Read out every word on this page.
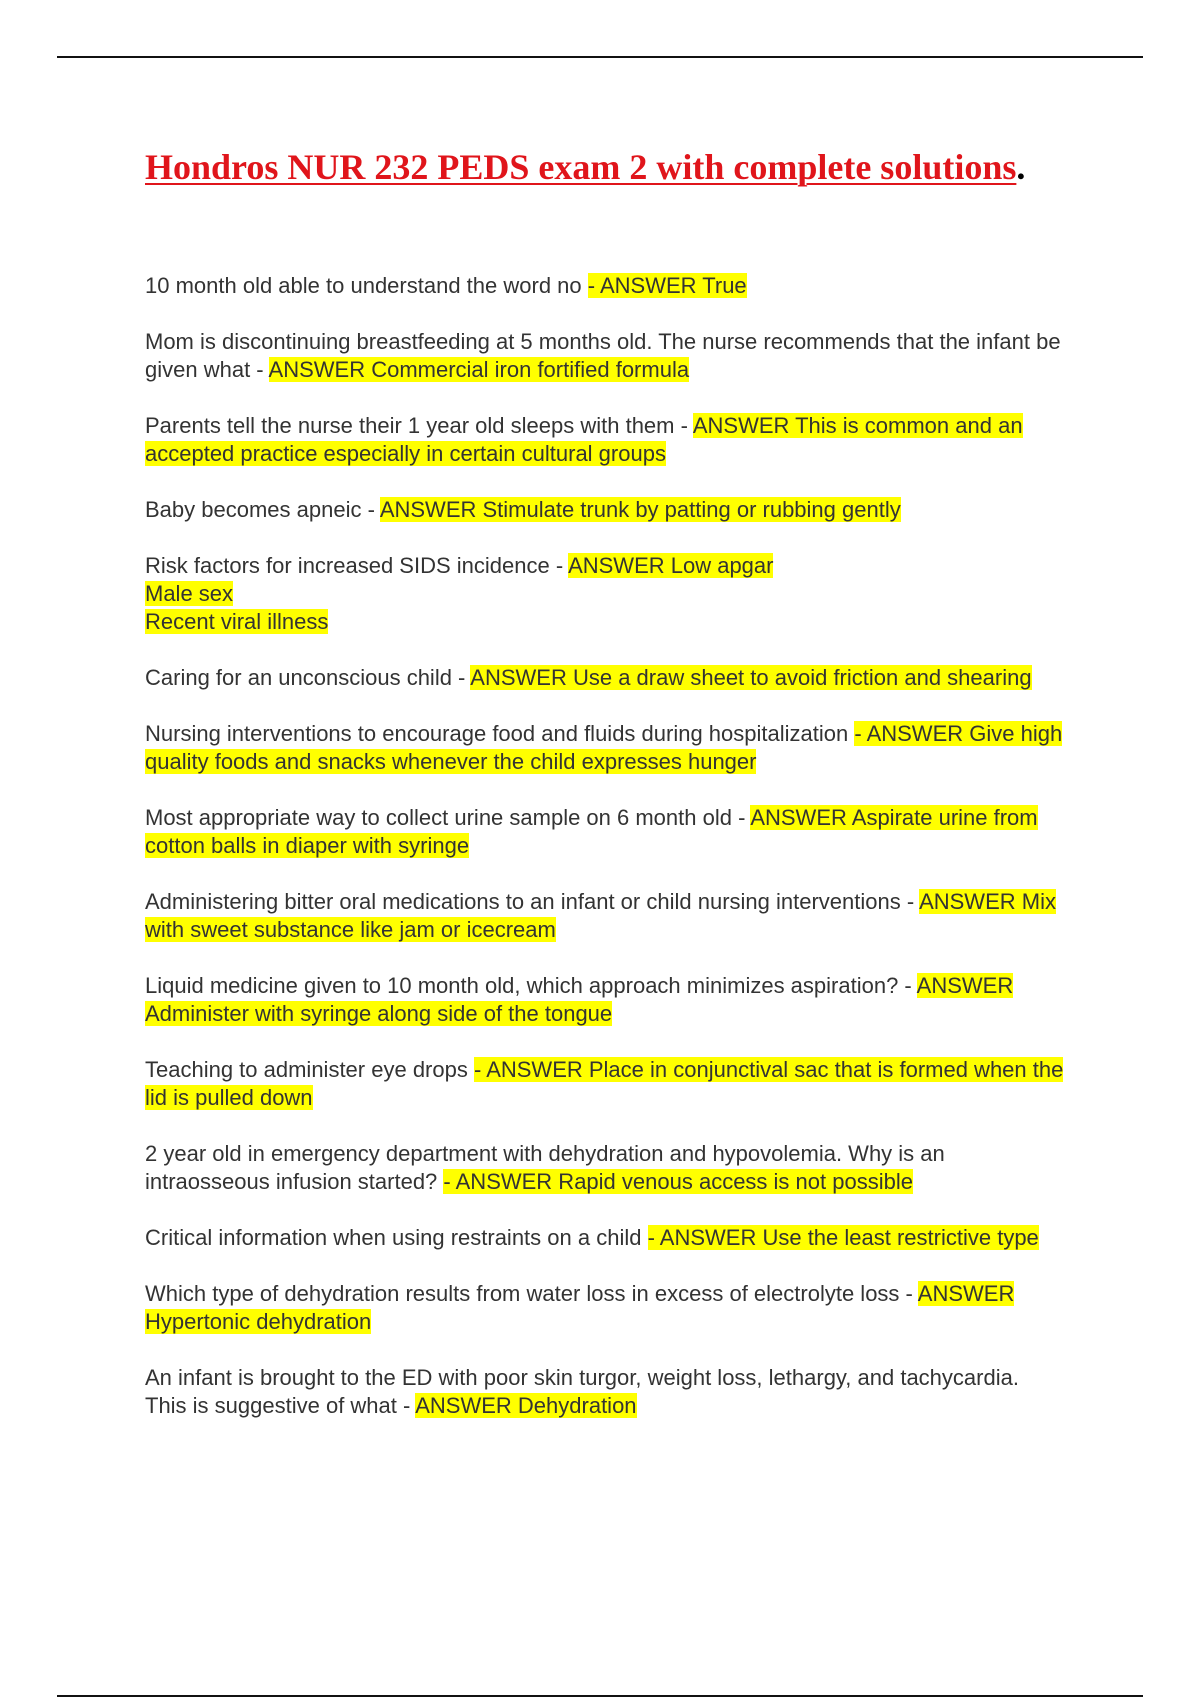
Hondros NUR 232 PEDS exam 2 with complete solutions.

10 month old able to understand the word no - ANSWER True

Mom is discontinuing breastfeeding at 5 months old. The nurse recommends that the infant be given what - ANSWER Commercial iron fortified formula

Parents tell the nurse their 1 year old sleeps with them - ANSWER This is common and an accepted practice especially in certain cultural groups

Baby becomes apneic - ANSWER Stimulate trunk by patting or rubbing gently

Risk factors for increased SIDS incidence - ANSWER Low apgar
Male sex
Recent viral illness

Caring for an unconscious child - ANSWER Use a draw sheet to avoid friction and shearing

Nursing interventions to encourage food and fluids during hospitalization - ANSWER Give high quality foods and snacks whenever the child expresses hunger

Most appropriate way to collect urine sample on 6 month old - ANSWER Aspirate urine from cotton balls in diaper with syringe

Administering bitter oral medications to an infant or child nursing interventions - ANSWER Mix with sweet substance like jam or icecream

Liquid medicine given to 10 month old, which approach minimizes aspiration? - ANSWER Administer with syringe along side of the tongue

Teaching to administer eye drops - ANSWER Place in conjunctival sac that is formed when the lid is pulled down

2 year old in emergency department with dehydration and hypovolemia. Why is an intraosseous infusion started? - ANSWER Rapid venous access is not possible

Critical information when using restraints on a child - ANSWER Use the least restrictive type

Which type of dehydration results from water loss in excess of electrolyte loss - ANSWER Hypertonic dehydration

An infant is brought to the ED with poor skin turgor, weight loss, lethargy, and tachycardia. This is suggestive of what - ANSWER Dehydration
